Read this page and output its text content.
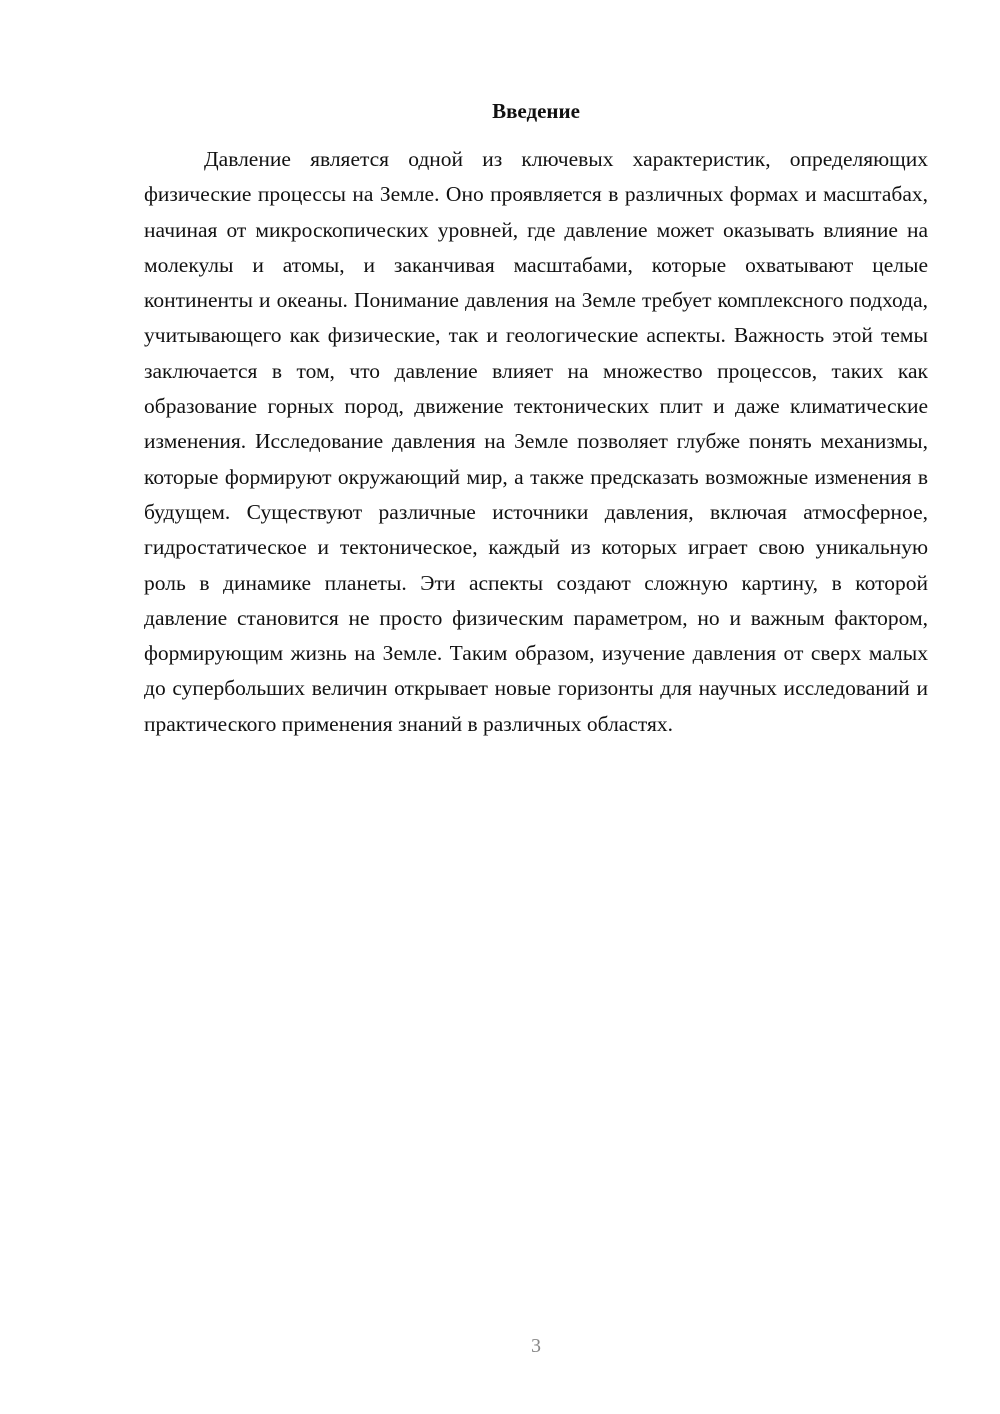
Введение

Давление является одной из ключевых характеристик, определяющих физические процессы на Земле. Оно проявляется в различных формах и масштабах, начиная от микроскопических уровней, где давление может оказывать влияние на молекулы и атомы, и заканчивая масштабами, которые охватывают целые континенты и океаны. Понимание давления на Земле требует комплексного подхода, учитывающего как физические, так и геологические аспекты. Важность этой темы заключается в том, что давление влияет на множество процессов, таких как образование горных пород, движение тектонических плит и даже климатические изменения. Исследование давления на Земле позволяет глубже понять механизмы, которые формируют окружающий мир, а также предсказать возможные изменения в будущем. Существуют различные источники давления, включая атмосферное, гидростатическое и тектоническое, каждый из которых играет свою уникальную роль в динамике планеты. Эти аспекты создают сложную картину, в которой давление становится не просто физическим параметром, но и важным фактором, формирующим жизнь на Земле. Таким образом, изучение давления от сверх малых до супербольших величин открывает новые горизонты для научных исследований и практического применения знаний в различных областях.

3
